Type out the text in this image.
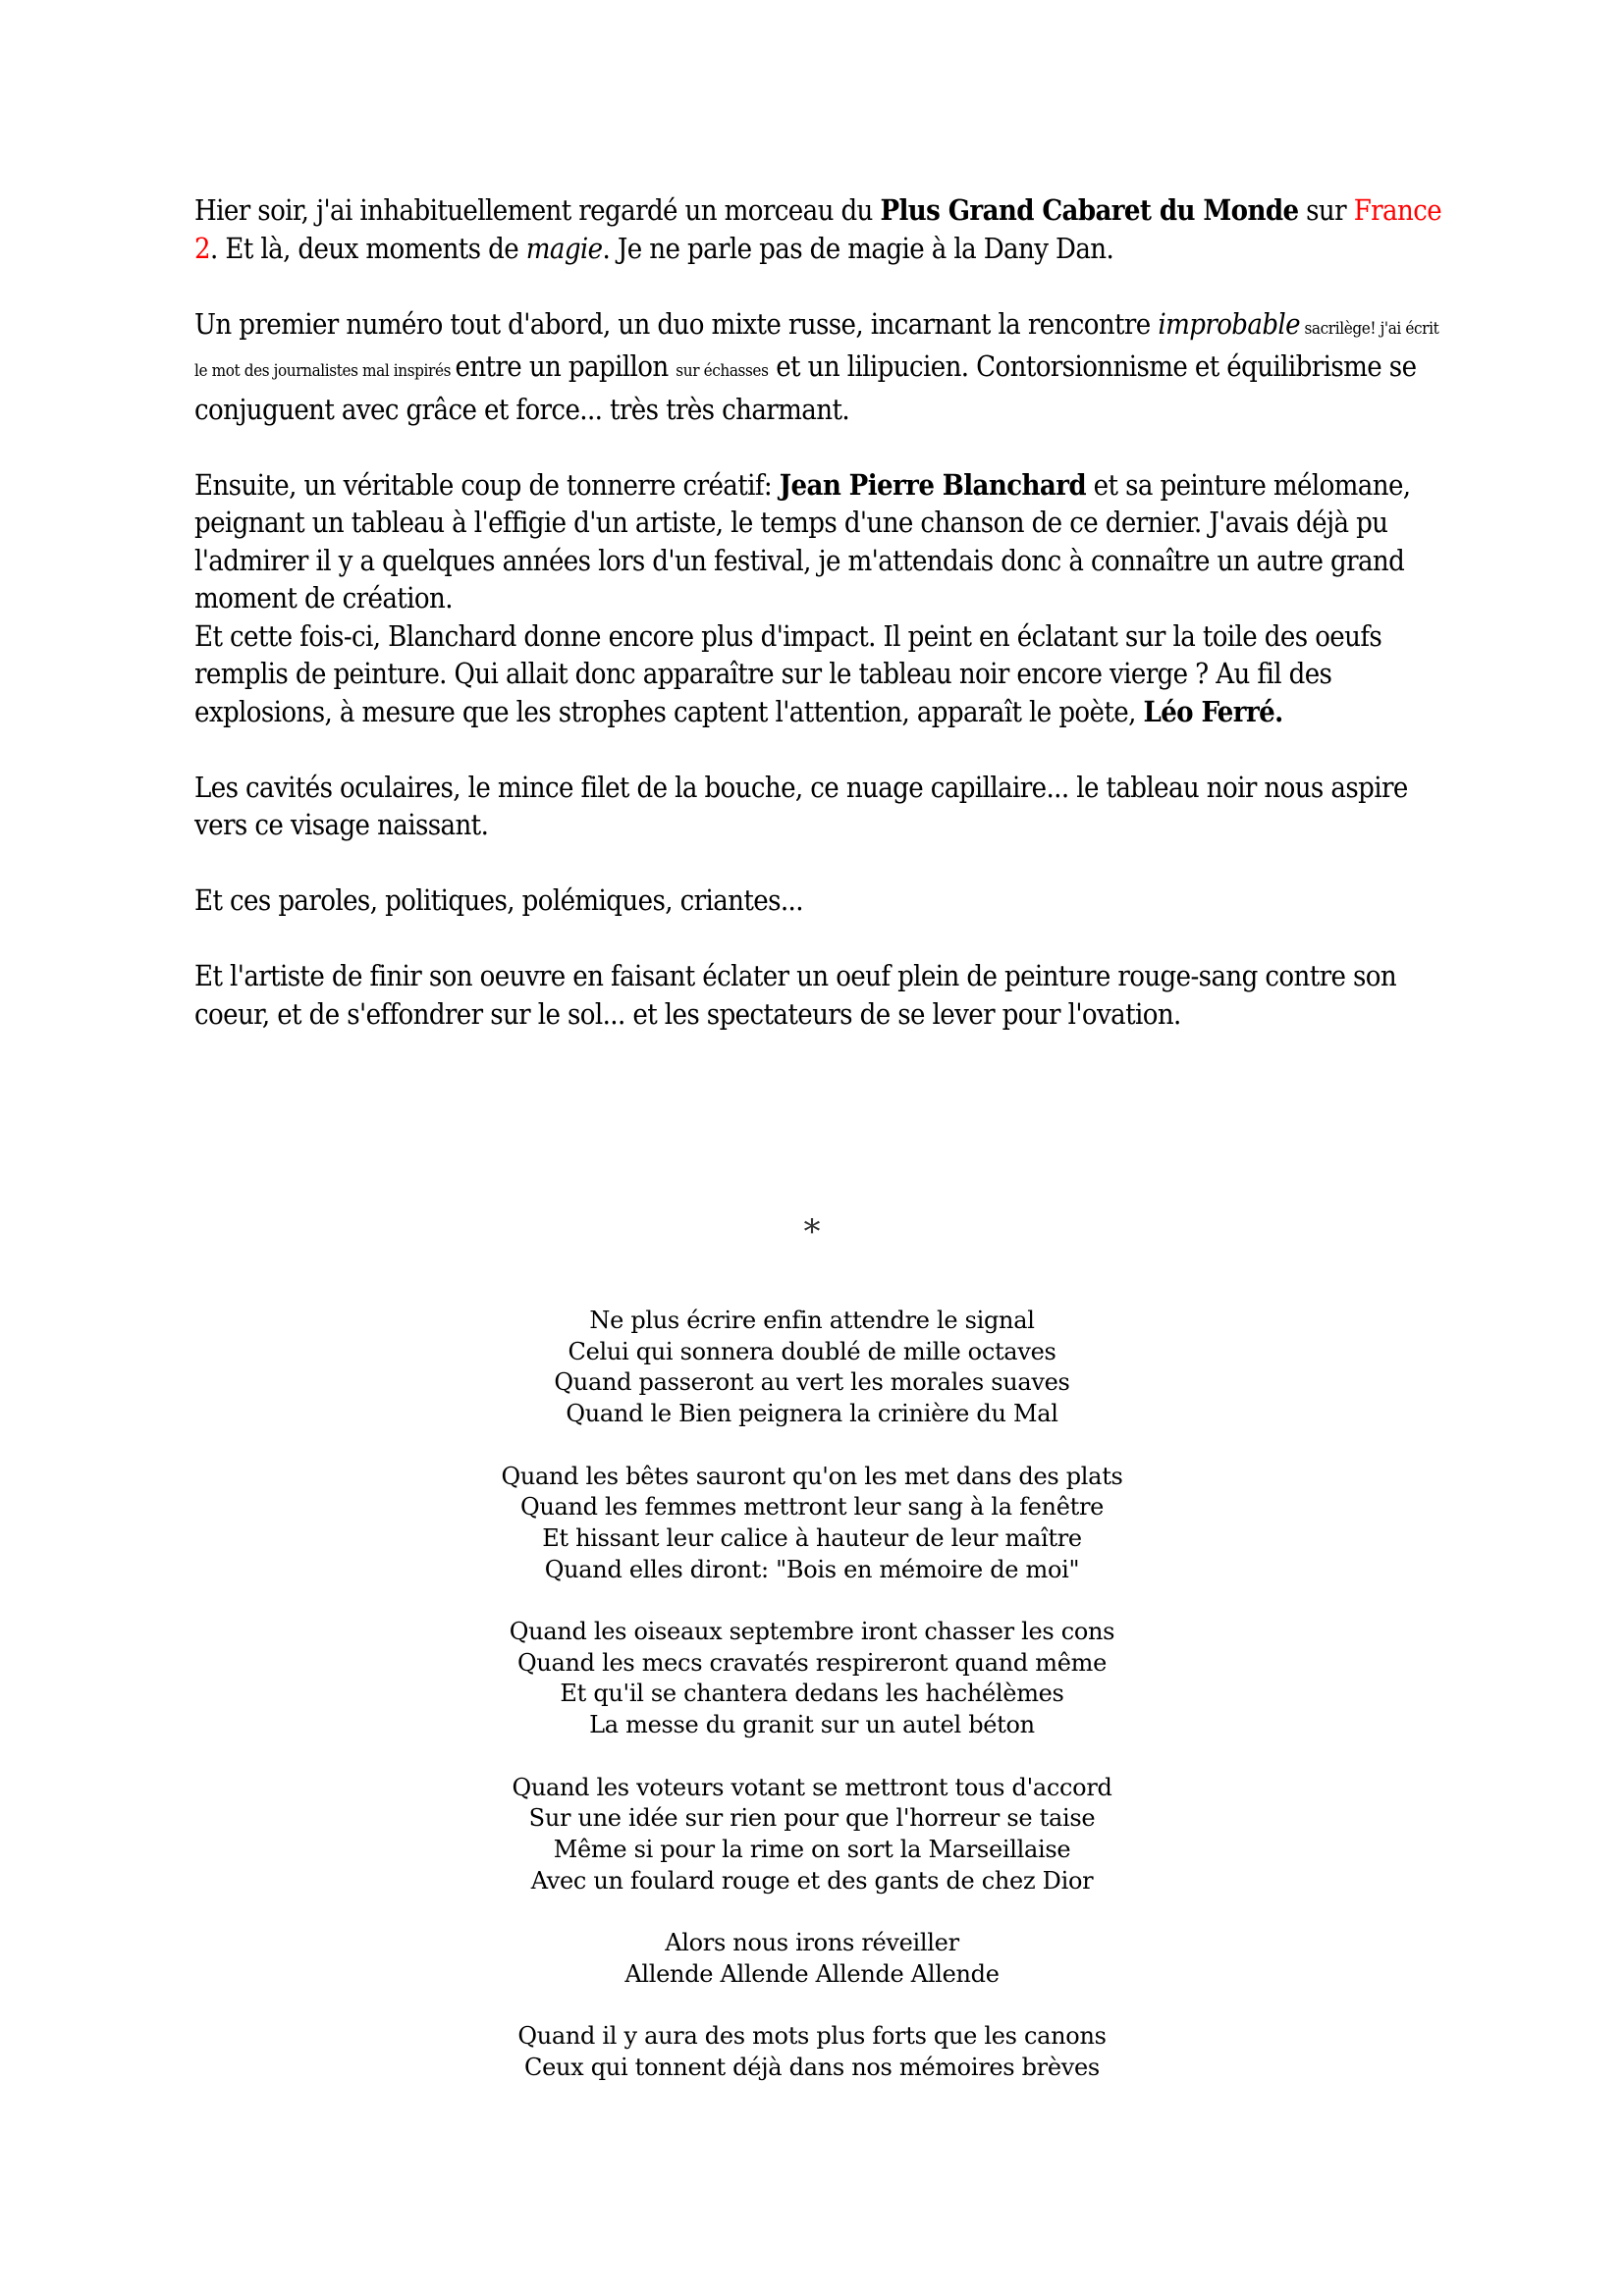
Hier soir, j'ai inhabituellement regardé un morceau du Plus Grand Cabaret du Monde sur France 2. Et là, deux moments de magie. Je ne parle pas de magie à la Dany Dan.

Un premier numéro tout d'abord, un duo mixte russe, incarnant la rencontre improbable sacrilège! j'ai écrit le mot des journalistes mal inspirés entre un papillon sur échasses et un lilipucien. Contorsionnisme et équilibrisme se conjuguent avec grâce et force... très très charmant.

Ensuite, un véritable coup de tonnerre créatif: Jean Pierre Blanchard et sa peinture mélomane, peignant un tableau à l'effigie d'un artiste, le temps d'une chanson de ce dernier. J'avais déjà pu l'admirer il y a quelques années lors d'un festival, je m'attendais donc à connaître un autre grand moment de création.

Et cette fois-ci, Blanchard donne encore plus d'impact. Il peint en éclatant sur la toile des oeufs remplis de peinture. Qui allait donc apparaître sur le tableau noir encore vierge ? Au fil des explosions, à mesure que les strophes captent l'attention, apparaît le poète, Léo Ferré.

Les cavités oculaires, le mince filet de la bouche, ce nuage capillaire... le tableau noir nous aspire vers ce visage naissant.

Et ces paroles, politiques, polémiques, criantes...

Et l'artiste de finir son oeuvre en faisant éclater un oeuf plein de peinture rouge-sang contre son coeur, et de s'effondrer sur le sol... et les spectateurs de se lever pour l'ovation.

*
Ne plus écrire enfin attendre le signal
Celui qui sonnera doublé de mille octaves
Quand passeront au vert les morales suaves
Quand le Bien peignera la crinière du Mal
Quand les bêtes sauront qu'on les met dans des plats
Quand les femmes mettront leur sang à la fenêtre
Et hissant leur calice à hauteur de leur maître
Quand elles diront: "Bois en mémoire de moi"
Quand les oiseaux septembre iront chasser les cons
Quand les mecs cravatés respireront quand même
Et qu'il se chantera dedans les hachélèmes
La messe du granit sur un autel béton
Quand les voteurs votant se mettront tous d'accord
Sur une idée sur rien pour que l'horreur se taise
Même si pour la rime on sort la Marseillaise
Avec un foulard rouge et des gants de chez Dior
Alors nous irons réveiller
Allende Allende Allende Allende
Quand il y aura des mots plus forts que les canons
Ceux qui tonnent déjà dans nos mémoires brèves
